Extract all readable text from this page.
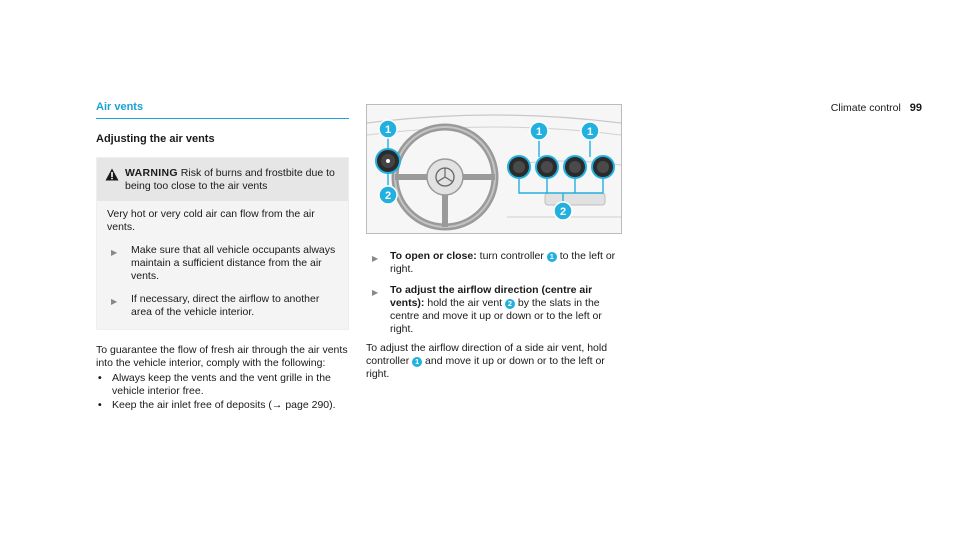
Climate control 99
Air vents
Adjusting the air vents
WARNING Risk of burns and frostbite due to being too close to the air vents
Very hot or very cold air can flow from the air vents.
▶	Make sure that all vehicle occupants always maintain a sufficient distance from the air vents.
▶	If necessary, direct the airflow to another area of the vehicle interior.
To guarantee the flow of fresh air through the air vents into the vehicle interior, comply with the following:
• Always keep the vents and the vent grille in the vehicle interior free.
• Keep the air inlet free of deposits (→ page 290).
1
2
1	1
2
▶	To open or close: turn controller 1 to the left or right.
▶	To adjust the airflow direction (centre air vents): hold the air vent 2 by the slats in the centre and move it up or down or to the left or right.
To adjust the airflow direction of a side air vent, hold controller 1 and move it up or down or to the left or right.
